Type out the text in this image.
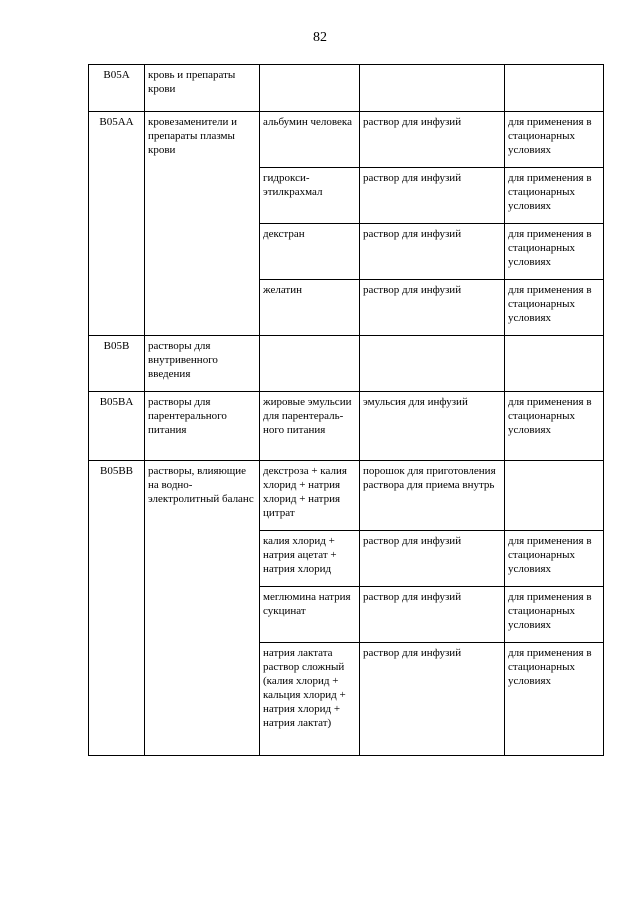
82
B05A	кровь и препараты крови			
B05AA	кровезаменители и препараты плазмы крови	альбумин человека	раствор для инфузий	для применения в стационарных условиях
		гидрокси-этилкрахмал	раствор для инфузий	для применения в стационарных условиях
		декстран	раствор для инфузий	для применения в стационарных условиях
		желатин	раствор для инфузий	для применения в стационарных условиях
B05B	растворы для внутривенного введения			
B05BA	растворы для парентерального питания	жировые эмульсии для парентераль-ного питания	эмульсия для инфузий	для применения в стационарных условиях
B05BB	растворы, влияющие на водно-электролитный баланс	декстроза + калия хлорид + натрия хлорид + натрия цитрат	порошок для приготовления раствора для приема внутрь	
		калия хлорид + натрия ацетат + натрия хлорид	раствор для инфузий	для применения в стационарных условиях
		меглюмина натрия сукцинат	раствор для инфузий	для применения в стационарных условиях
		натрия лактата раствор сложный (калия хлорид + кальция хлорид + натрия хлорид + натрия лактат)	раствор для инфузий	для применения в стационарных условиях
